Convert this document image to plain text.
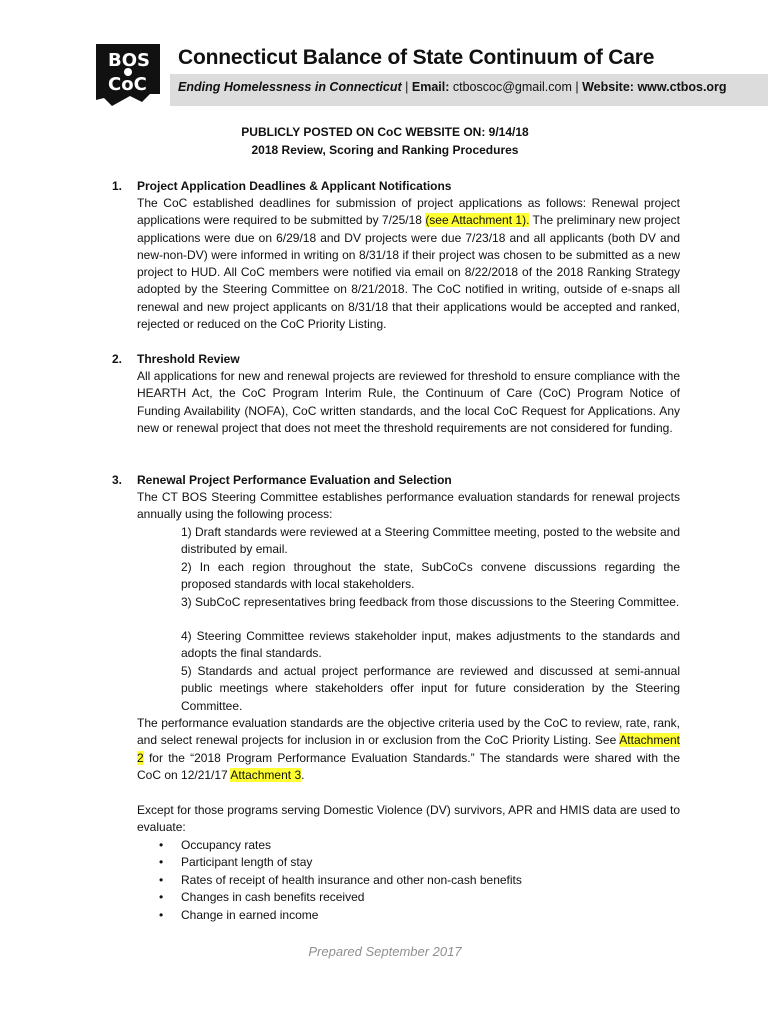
BOS
CoC
Connecticut Balance of State Continuum of Care
Ending Homelessness in Connecticut | Email: ctboscoc@gmail.com | Website: www.ctbos.org
PUBLICLY POSTED ON CoC WEBSITE ON: 9/14/18
2018 Review, Scoring and Ranking Procedures
1. Project Application Deadlines & Applicant Notifications
The CoC established deadlines for submission of project applications as follows: Renewal project applications were required to be submitted by 7/25/18 (see Attachment 1). The preliminary new project applications were due on 6/29/18 and DV projects were due 7/23/18 and all applicants (both DV and new-non-DV) were informed in writing on 8/31/18 if their project was chosen to be submitted as a new project to HUD. All CoC members were notified via email on 8/22/2018 of the 2018 Ranking Strategy adopted by the Steering Committee on 8/21/2018. The CoC notified in writing, outside of e-snaps all renewal and new project applicants on 8/31/18 that their applications would be accepted and ranked, rejected or reduced on the CoC Priority Listing.
2. Threshold Review
All applications for new and renewal projects are reviewed for threshold to ensure compliance with the HEARTH Act, the CoC Program Interim Rule, the Continuum of Care (CoC) Program Notice of Funding Availability (NOFA), CoC written standards, and the local CoC Request for Applications. Any new or renewal project that does not meet the threshold requirements are not considered for funding.
3. Renewal Project Performance Evaluation and Selection
The CT BOS Steering Committee establishes performance evaluation standards for renewal projects annually using the following process:
1) Draft standards were reviewed at a Steering Committee meeting, posted to the website and distributed by email.
2) In each region throughout the state, SubCoCs convene discussions regarding the proposed standards with local stakeholders.
3) SubCoC representatives bring feedback from those discussions to the Steering Committee.
4) Steering Committee reviews stakeholder input, makes adjustments to the standards and adopts the final standards.
5) Standards and actual project performance are reviewed and discussed at semi-annual public meetings where stakeholders offer input for future consideration by the Steering Committee.
The performance evaluation standards are the objective criteria used by the CoC to review, rate, rank, and select renewal projects for inclusion in or exclusion from the CoC Priority Listing. See Attachment 2 for the “2018 Program Performance Evaluation Standards.” The standards were shared with the CoC on 12/21/17 Attachment 3.
Except for those programs serving Domestic Violence (DV) survivors, APR and HMIS data are used to evaluate:
• Occupancy rates
• Participant length of stay
• Rates of receipt of health insurance and other non-cash benefits
• Changes in cash benefits received
• Change in earned income
Prepared September 2017
